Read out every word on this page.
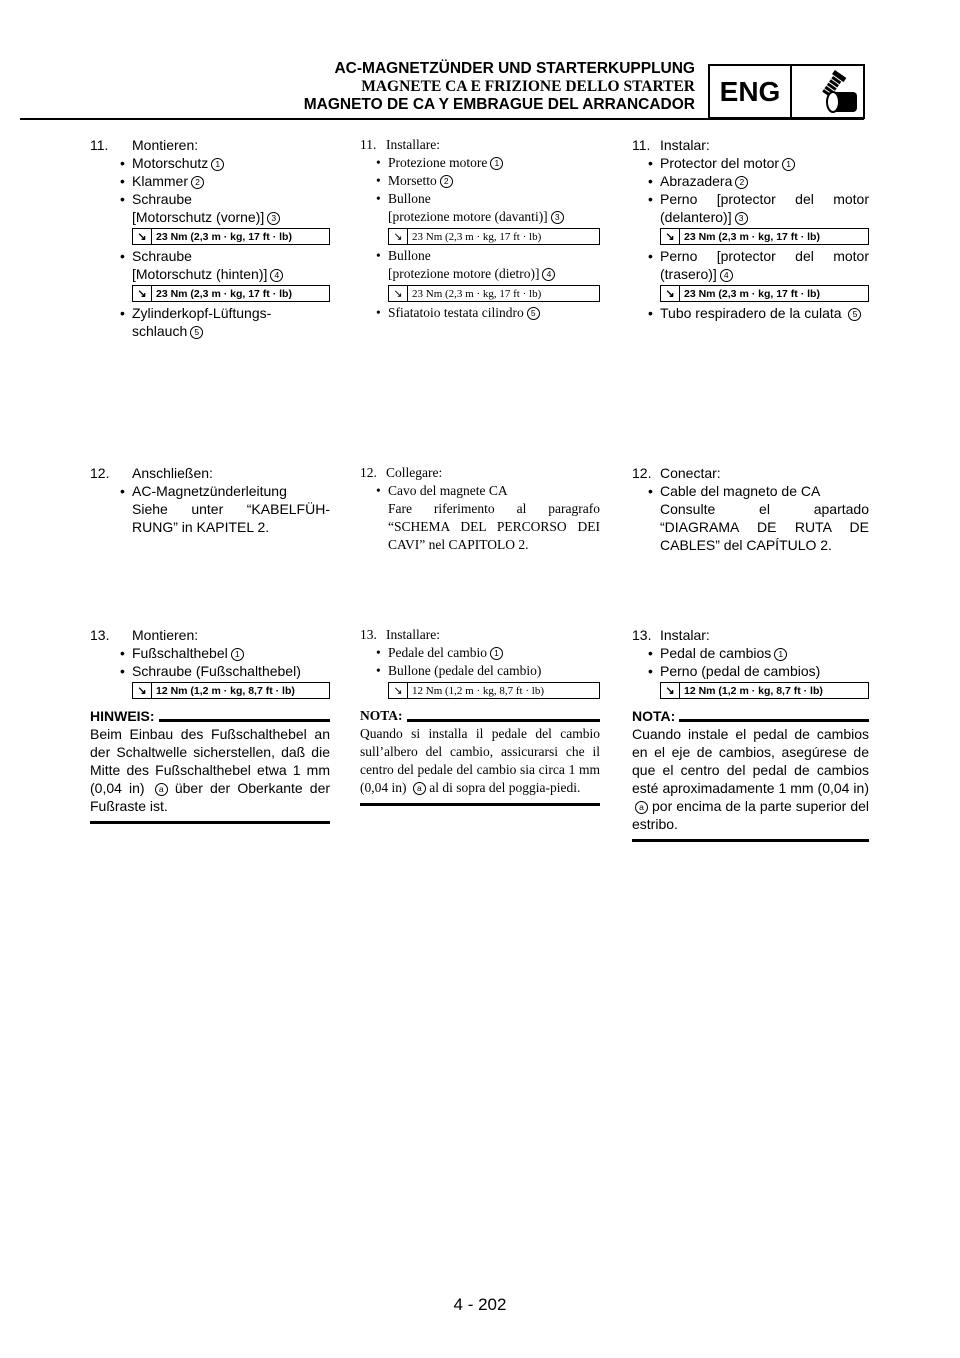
AC-MAGNETZÜNDER UND STARTERKUPPLUNG
MAGNETE CA E FRIZIONE DELLO STARTER
MAGNETO DE CA Y EMBRAGUE DEL ARRANCADOR ENG
11.	Montieren:
• Motorschutz 1
• Klammer 2
• Schraube
[Motorschutz (vorne)] 3
↘ 23 Nm (2,3 m · kg, 17 ft · lb)
• Schraube
[Motorschutz (hinten)] 4
↘ 23 Nm (2,3 m · kg, 17 ft · lb)
• Zylinderkopf-Lüftungs-
schlauch 5
12.	Anschließen:
• AC-Magnetzünderleitung
Siehe unter “KABELFÜH-
RUNG” in KAPITEL 2.
13.	Montieren:
• Fußschalthebel 1
• Schraube (Fußschalthebel)
↘ 12 Nm (1,2 m · kg, 8,7 ft · lb)
HINWEIS:
Beim Einbau des Fußschalthebel an der Schaltwelle sicherstellen, daß die Mitte des Fußschalthebel etwa 1 mm (0,04 in) a über der Oberkante der Fußraste ist.
11. Installare:
• Protezione motore 1
• Morsetto 2
• Bullone
[protezione motore (davanti)] 3
↘ 23 Nm (2,3 m · kg, 17 ft · lb)
• Bullone
[protezione motore (dietro)] 4
↘ 23 Nm (2,3 m · kg, 17 ft · lb)
• Sfiatatoio testata cilindro 5
12. Collegare:
• Cavo del magnete CA
Fare riferimento al paragrafo “SCHEMA DEL PERCORSO DEI CAVI” nel CAPITOLO 2.
13. Installare:
• Pedale del cambio 1
• Bullone (pedale del cambio)
↘ 12 Nm (1,2 m · kg, 8,7 ft · lb)
NOTA:
Quando si installa il pedale del cambio sull’albero del cambio, assicurarsi che il centro del pedale del cambio sia circa 1 mm (0,04 in) a al di sopra del poggia-piedi.
11. Instalar:
• Protector del motor 1
• Abrazadera 2
• Perno [protector del motor (delantero)] 3
↘ 23 Nm (2,3 m · kg, 17 ft · lb)
• Perno [protector del motor (trasero)] 4
↘ 23 Nm (2,3 m · kg, 17 ft · lb)
• Tubo respiradero de la culata 5
12. Conectar:
• Cable del magneto de CA
Consulte el apartado “DIAGRAMA DE RUTA DE CABLES” del CAPÍTULO 2.
13. Instalar:
• Pedal de cambios 1
• Perno (pedal de cambios)
↘ 12 Nm (1,2 m · kg, 8,7 ft · lb)
NOTA:
Cuando instale el pedal de cambios en el eje de cambios, asegúrese de que el centro del pedal de cambios esté aproximadamente 1 mm (0,04 in) a por encima de la parte superior del estribo.
4 - 202
